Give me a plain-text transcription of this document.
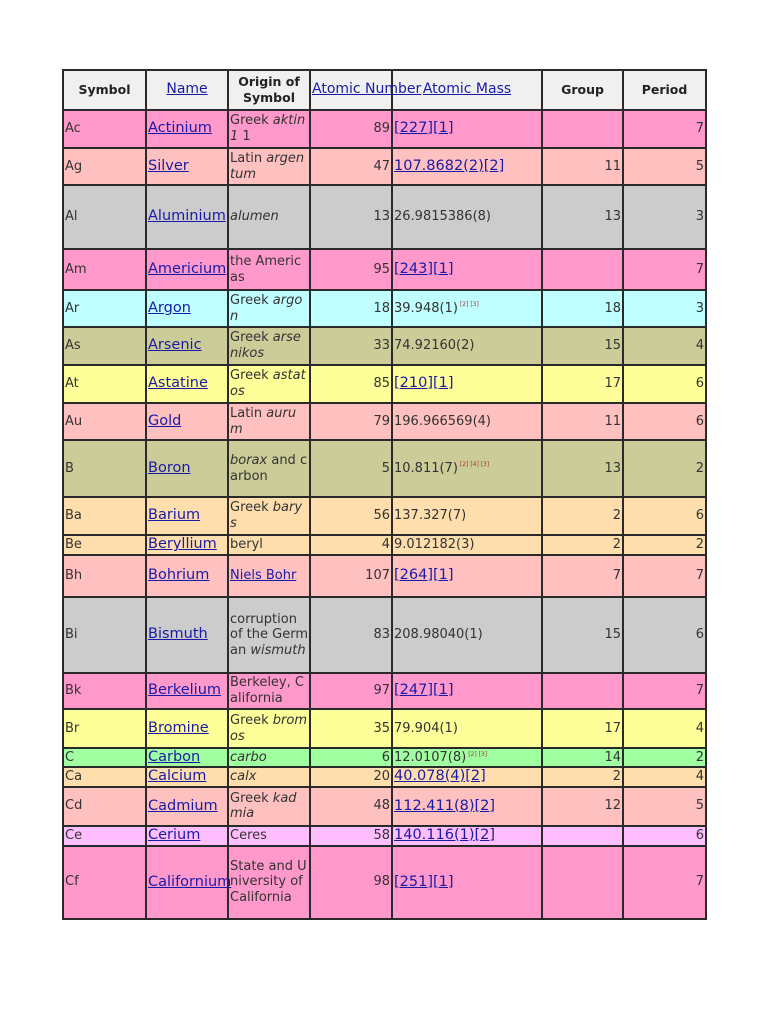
Symbol	Name	Origin of Symbol	Atomic Number	Atomic Mass	Group	Period
Ac	Actinium	Greek aktin1 1	89	[227][1]		7
Ag	Silver	Latin argentum	47	107.8682(2)[2]	11	5
Al	Aluminium	alumen	13	26.9815386(8)	13	3
Am	Americium	the Americas	95	[243][1]		7
Ar	Argon	Greek argon	18	39.948(1) [2] [3]	18	3
As	Arsenic	Greek arsenikos	33	74.92160(2)	15	4
At	Astatine	Greek astatos	85	[210][1]	17	6
Au	Gold	Latin aurum	79	196.966569(4)	11	6
B	Boron	borax and carbon	5	10.811(7) [2] [4] [3]	13	2
Ba	Barium	Greek barys	56	137.327(7)	2	6
Be	Beryllium	beryl	4	9.012182(3)	2	2
Bh	Bohrium	Niels Bohr	107	[264][1]	7	7
Bi	Bismuth	corruption of the German wismuth	83	208.98040(1)	15	6
Bk	Berkelium	Berkeley, California	97	[247][1]		7
Br	Bromine	Greek bromos	35	79.904(1)	17	4
C	Carbon	carbo	6	12.0107(8) [2] [3]	14	2
Ca	Calcium	calx	20	40.078(4)[2]	2	4
Cd	Cadmium	Greek kadmia	48	112.411(8)[2]	12	5
Ce	Cerium	Ceres	58	140.116(1)[2]		6
Cf	Californium	State and University of California	98	[251][1]		7
